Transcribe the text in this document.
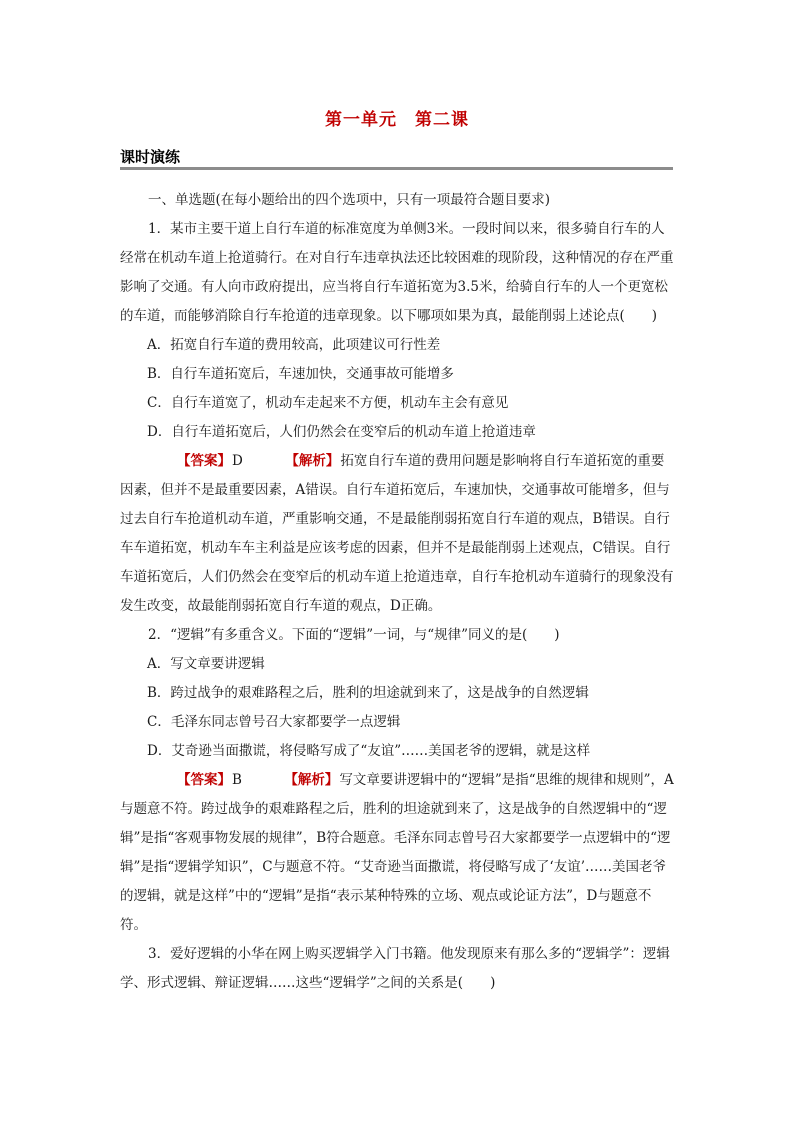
第一单元　第二课
课时演练

一、单选题(在每小题给出的四个选项中，只有一项最符合题目要求)

1．某市主要干道上自行车道的标准宽度为单侧3米。一段时间以来，很多骑自行车的人经常在机动车道上抢道骑行。在对自行车违章执法还比较困难的现阶段，这种情况的存在严重影响了交通。有人向市政府提出，应当将自行车道拓宽为3.5米，给骑自行车的人一个更宽松的车道，而能够消除自行车抢道的违章现象。以下哪项如果为真，最能削弱上述论点(　　)

A．拓宽自行车道的费用较高，此项建议可行性差

B．自行车道拓宽后，车速加快，交通事故可能增多

C．自行车道宽了，机动车走起来不方便，机动车主会有意见

D．自行车道拓宽后，人们仍然会在变窄后的机动车道上抢道违章

【答案】D　	【解析】拓宽自行车道的费用问题是影响将自行车道拓宽的重要因素，但并不是最重要因素，A错误。自行车道拓宽后，车速加快，交通事故可能增多，但与过去自行车抢道机动车道，严重影响交通，不是最能削弱拓宽自行车道的观点，B错误。自行车车道拓宽，机动车车主利益是应该考虑的因素，但并不是最能削弱上述观点，C错误。自行车道拓宽后，人们仍然会在变窄后的机动车道上抢道违章，自行车抢机动车道骑行的现象没有发生改变，故最能削弱拓宽自行车道的观点，D正确。

2．“逻辑”有多重含义。下面的“逻辑”一词，与“规律”同义的是(　　)

A．写文章要讲逻辑

B．跨过战争的艰难路程之后，胜利的坦途就到来了，这是战争的自然逻辑

C．毛泽东同志曾号召大家都要学一点逻辑

D．艾奇逊当面撒谎，将侵略写成了“友谊”……美国老爷的逻辑，就是这样

【答案】B　	【解析】写文章要讲逻辑中的“逻辑”是指“思维的规律和规则”，A与题意不符。跨过战争的艰难路程之后，胜利的坦途就到来了，这是战争的自然逻辑中的“逻辑”是指“客观事物发展的规律”，B符合题意。毛泽东同志曾号召大家都要学一点逻辑中的“逻辑”是指“逻辑学知识”，C与题意不符。“艾奇逊当面撒谎，将侵略写成了‘友谊’……美国老爷的逻辑，就是这样”中的“逻辑”是指“表示某种特殊的立场、观点或论证方法”，D与题意不符。

3．爱好逻辑的小华在网上购买逻辑学入门书籍。他发现原来有那么多的“逻辑学”：逻辑学、形式逻辑、辩证逻辑……这些“逻辑学”之间的关系是(　　)
